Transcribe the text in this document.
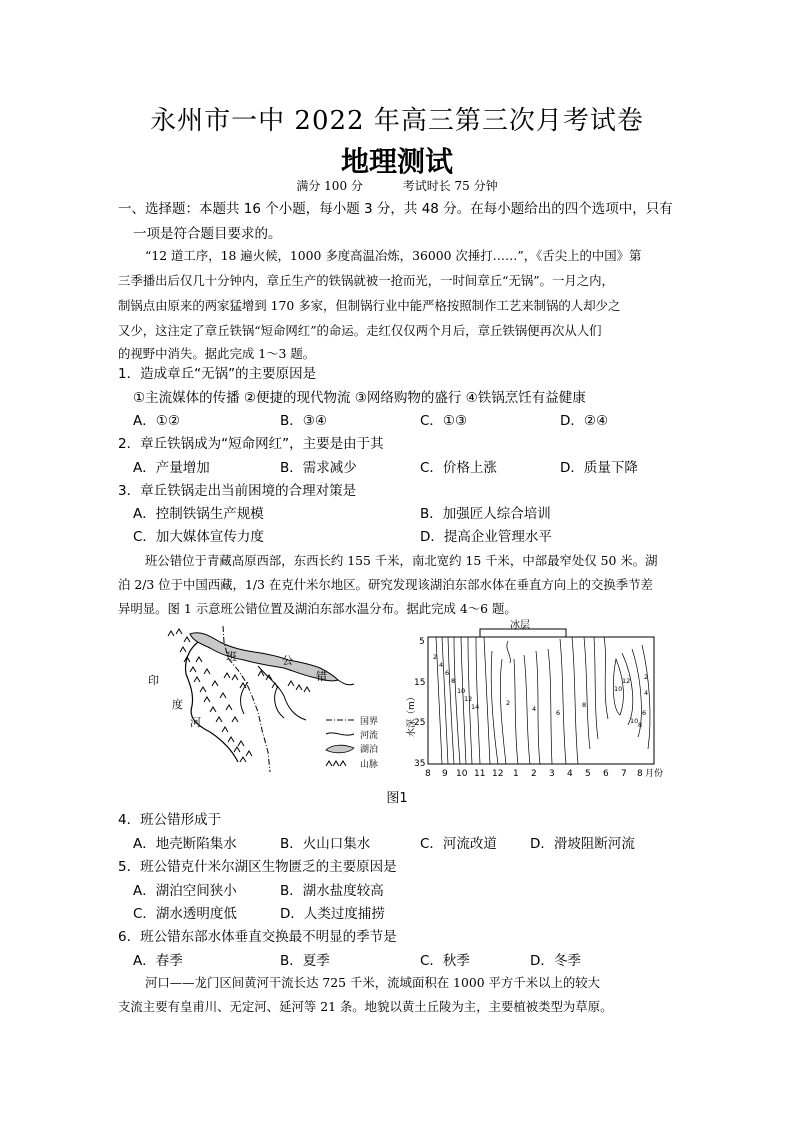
永州市一中 2022 年高三第三次月考试卷
地理测试
满分 100 分	考试时长 75 分钟
一、选择题：本题共 16 个小题，每小题 3 分，共 48 分。在每小题给出的四个选项中，只有
一项是符合题目要求的。
“12 道工序，18 遍火候，1000 多度高温冶炼，36000 次捶打……”，《舌尖上的中国》第
三季播出后仅几十分钟内，章丘生产的铁锅就被一抢而光，一时间章丘“无锅”。一月之内，
制锅点由原来的两家猛增到 170 多家，但制锅行业中能严格按照制作工艺来制锅的人却少之
又少，这注定了章丘铁锅“短命网红”的命运。走红仅仅两个月后，章丘铁锅便再次从人们
的视野中消失。据此完成 1～3 题。
1．造成章丘“无锅”的主要原因是
①主流媒体的传播 ②便捷的现代物流 ③网络购物的盛行 ④铁锅烹饪有益健康
A．①②	B．③④	C．①③	D．②④
2．章丘铁锅成为“短命网红”，主要是由于其
A．产量增加	B．需求减少	C．价格上涨	D．质量下降
3．章丘铁锅走出当前困境的合理对策是
A．控制铁锅生产规模	B．加强匠人综合培训
C．加大媒体宣传力度	D．提高企业管理水平
班公错位于青藏高原西部，东西长约 155 千米，南北宽约 15 千米，中部最窄处仅 50 米。湖
泊 2/3 位于中国西藏，1/3 在克什米尔地区。研究发现该湖泊东部水体在垂直方向上的交换季节差
异明显。图 1 示意班公错位置及湖泊东部水温分布。据此完成 4～6 题。
班	公
错
印
度
河	国界
河流
湖泊
山脉
冰层
2
4
6
8
10
12
14	2
4	6
8
10
12 2
4
6
8
10
5
15
25
35
水深（m）
8 9 10 11 12 1 2 3 4 5 6 7 8 月份
图1
4．班公错形成于
A．地壳断陷集水	B．火山口集水	C．河流改道 D．滑坡阻断河流
5．班公错克什米尔湖区生物匮乏的主要原因是
A．湖泊空间狭小	B．湖水盐度较高
C．湖水透明度低	D．人类过度捕捞
6．班公错东部水体垂直交换最不明显的季节是
A．春季	B．夏季	C．秋季	D．冬季
河口——龙门区间黄河干流长达 725 千米，流域面积在 1000 平方千米以上的较大
支流主要有皇甫川、无定河、延河等 21 条。地貌以黄土丘陵为主，主要植被类型为草原。
